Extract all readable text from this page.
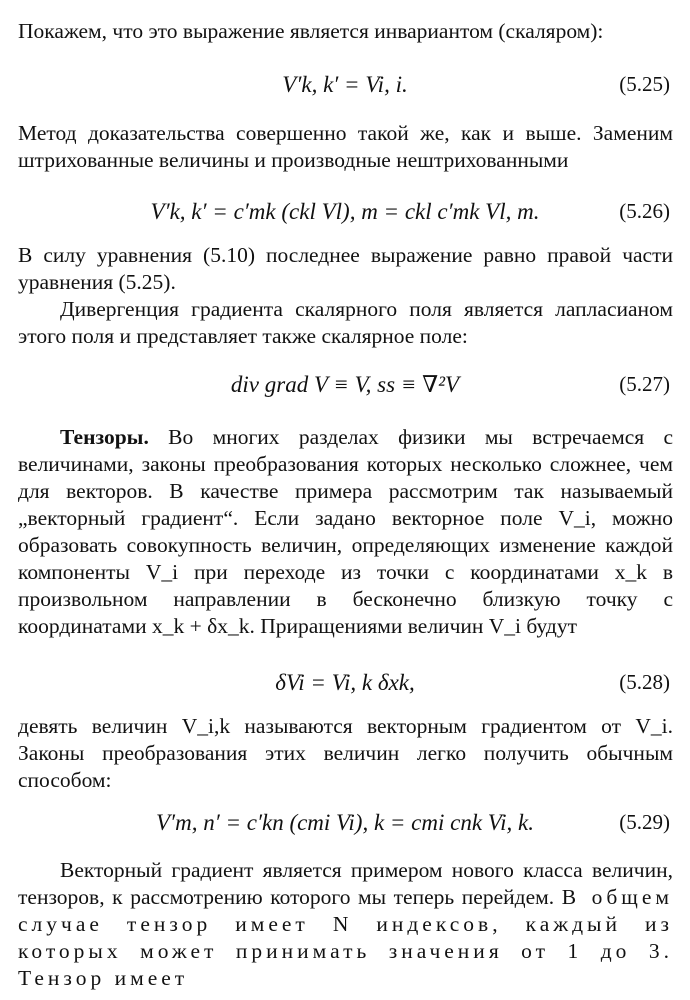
Покажем, что это выражение является инвариантом (скаляром):

V′k, k′ = Vi, i.	(5.25)

Метод доказательства совершенно такой же, как и выше. Заменим штрихованные величины и производные нештрихованными

V′k, k′ = c′mk (ckl Vl), m = ckl c′mk Vl, m.	(5.26)

В силу уравнения (5.10) последнее выражение равно правой части уравнения (5.25).

Дивергенция градиента скалярного поля является лапласианом этого поля и представляет также скалярное поле:

div grad V ≡ V, ss ≡ ∇²V	(5.27)

Тензоры. Во многих разделах физики мы встречаемся с величинами, законы преобразования которых несколько сложнее, чем для векторов. В качестве примера рассмотрим так называемый „векторный градиент“. Если задано векторное поле V_i, можно образовать совокупность величин, определяющих изменение каждой компоненты V_i при переходе из точки с координатами x_k в произвольном направлении в бесконечно близкую точку с координатами x_k + δx_k. Приращениями величин V_i будут

δVi = Vi, k δxk,	(5.28)

девять величин V_i,k называются векторным градиентом от V_i. Законы преобразования этих величин легко получить обычным способом:

V′m, n′ = c′kn (cmi Vi), k = cmi cnk Vi, k.	(5.29)

Векторный градиент является примером нового класса величин, тензоров, к рассмотрению которого мы теперь перейдем. В общем случае тензор имеет N индексов, каждый из которых может принимать значения от 1 до 3. Тензор имеет
